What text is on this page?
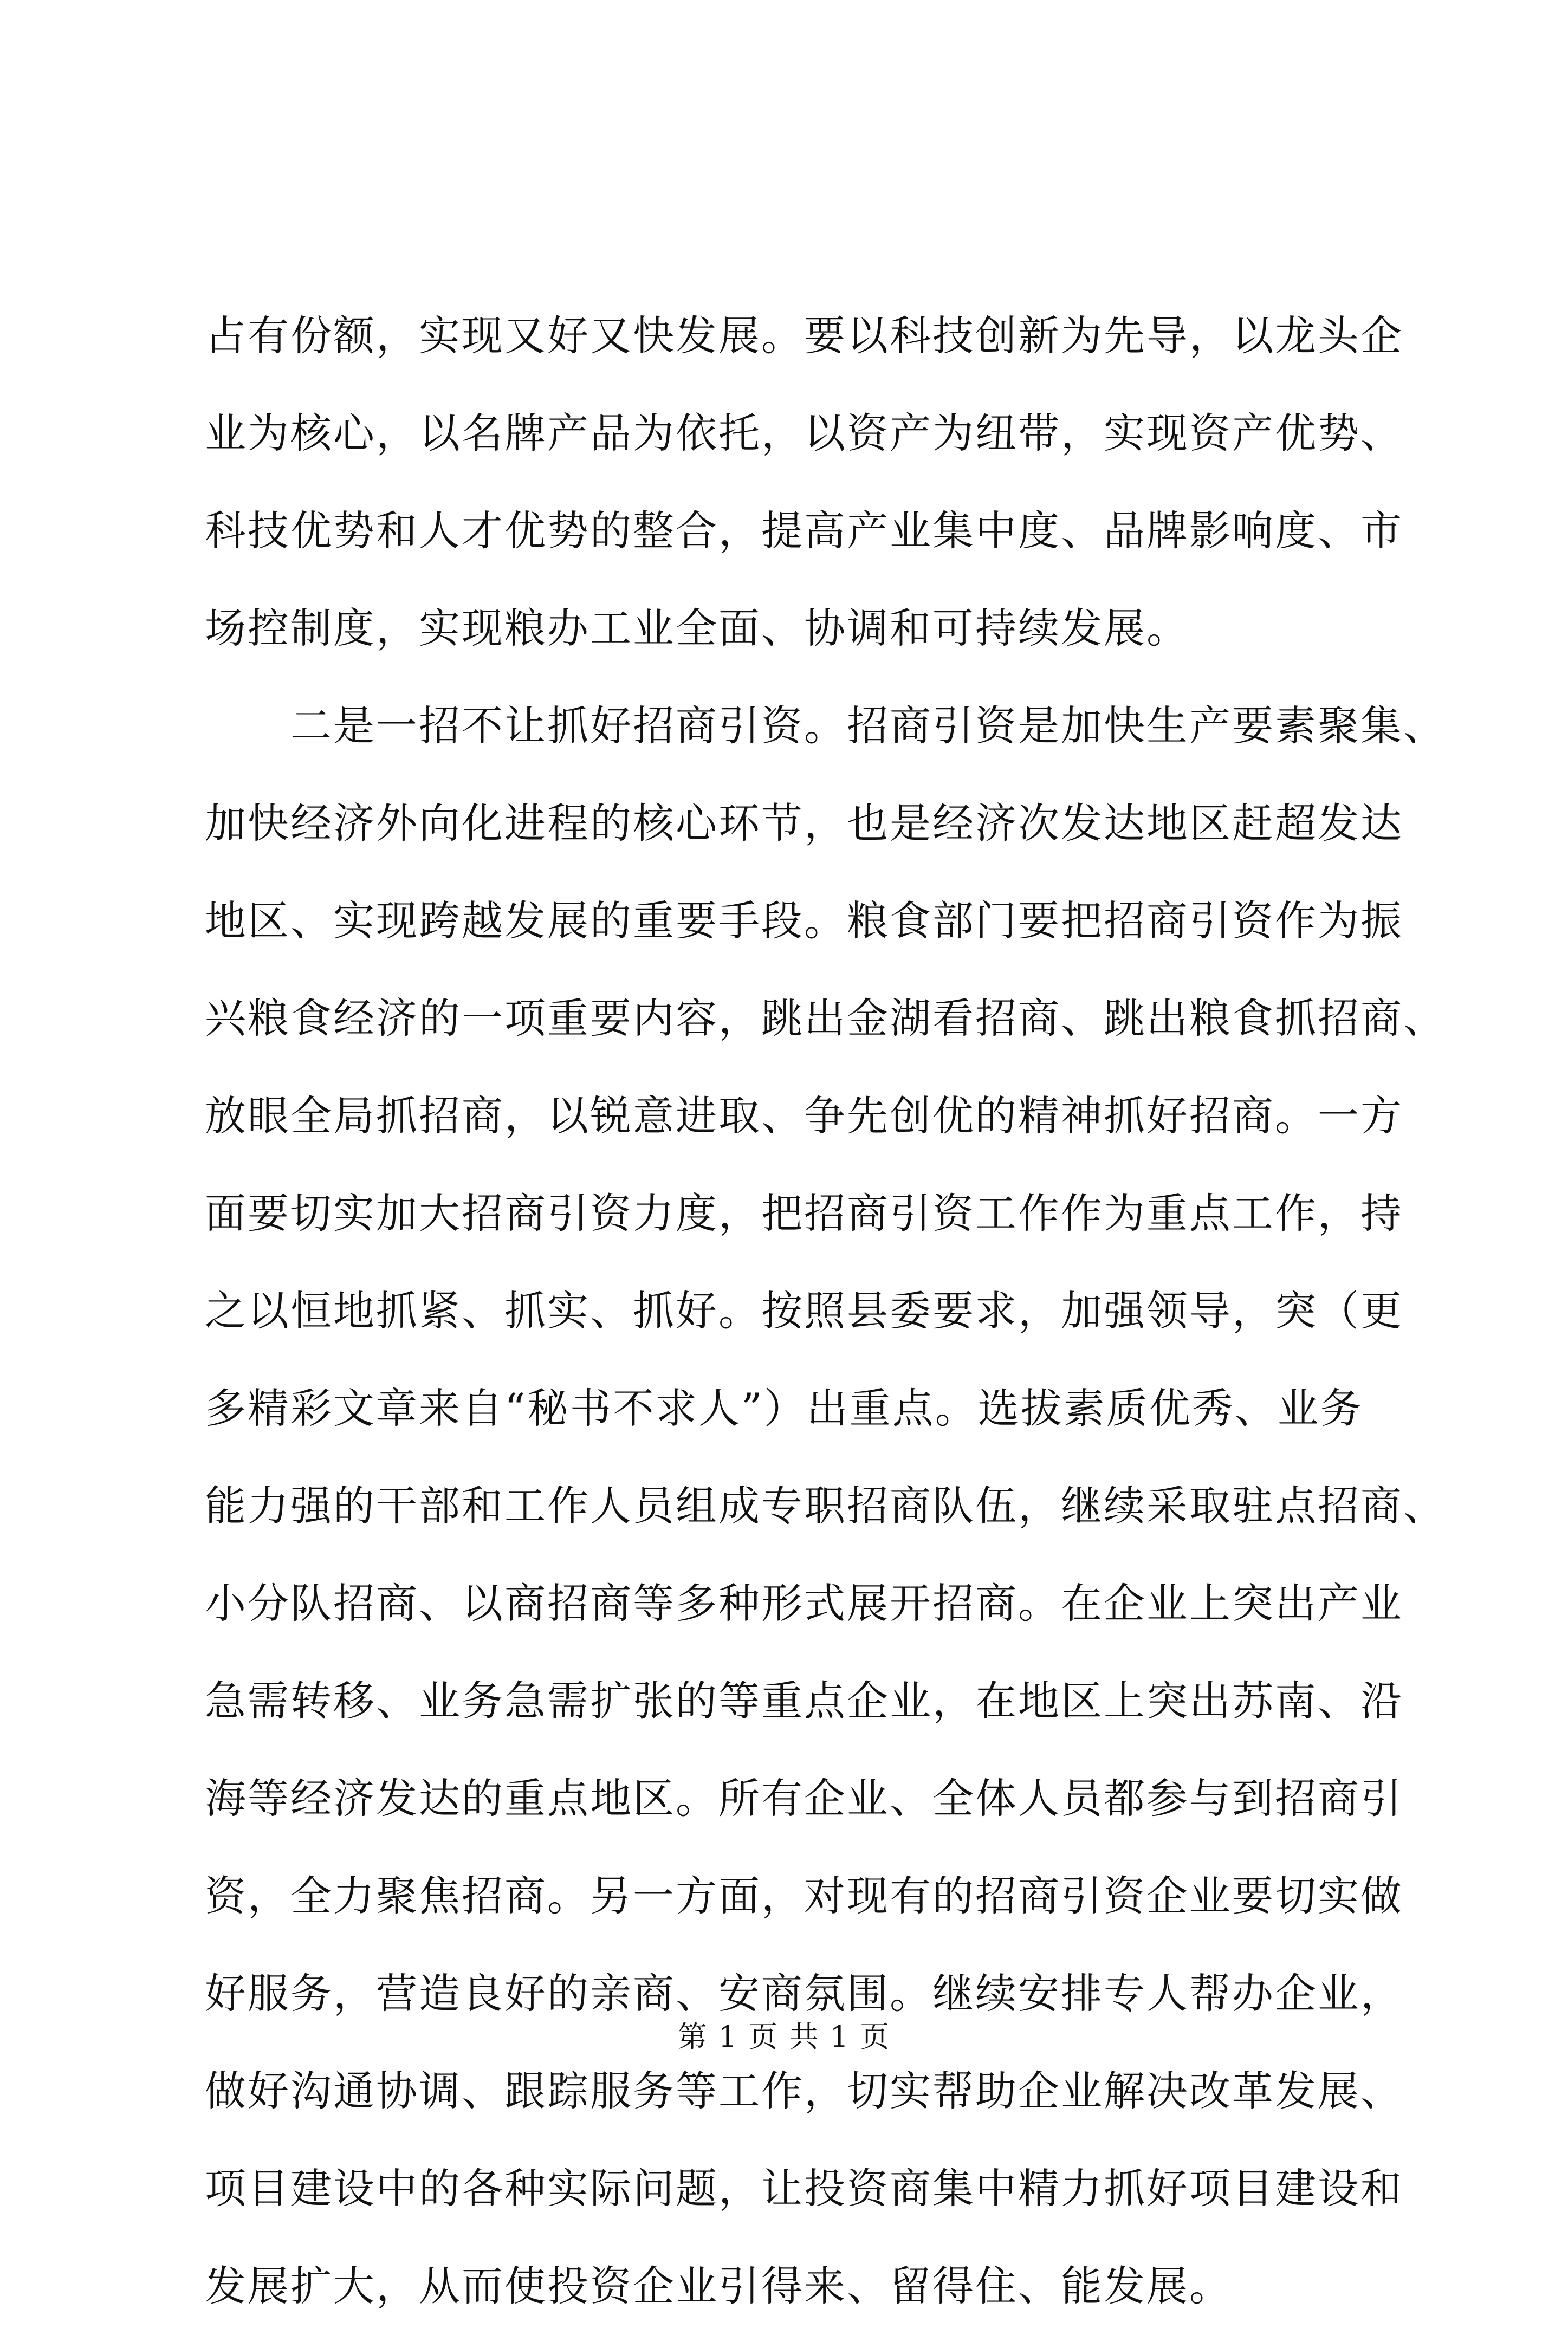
占有份额，实现又好又快发展。要以科技创新为先导，以龙头企
业为核心，以名牌产品为依托，以资产为纽带，实现资产优势、
科技优势和人才优势的整合，提高产业集中度、品牌影响度、市
场控制度，实现粮办工业全面、协调和可持续发展。
　　二是一招不让抓好招商引资。招商引资是加快生产要素聚集、
加快经济外向化进程的核心环节，也是经济次发达地区赶超发达
地区、实现跨越发展的重要手段。粮食部门要把招商引资作为振
兴粮食经济的一项重要内容，跳出金湖看招商、跳出粮食抓招商、
放眼全局抓招商，以锐意进取、争先创优的精神抓好招商。一方
面要切实加大招商引资力度，把招商引资工作作为重点工作，持
之以恒地抓紧、抓实、抓好。按照县委要求，加强领导，突（更
多精彩文章来自“秘书不求人”）出重点。选拔素质优秀、业务
能力强的干部和工作人员组成专职招商队伍，继续采取驻点招商、
小分队招商、以商招商等多种形式展开招商。在企业上突出产业
急需转移、业务急需扩张的等重点企业，在地区上突出苏南、沿
海等经济发达的重点地区。所有企业、全体人员都参与到招商引
资，全力聚焦招商。另一方面，对现有的招商引资企业要切实做
好服务，营造良好的亲商、安商氛围。继续安排专人帮办企业，
做好沟通协调、跟踪服务等工作，切实帮助企业解决改革发展、
项目建设中的各种实际问题，让投资商集中精力抓好项目建设和
发展扩大，从而使投资企业引得来、留得住、能发展。
第 1 页 共 1 页
